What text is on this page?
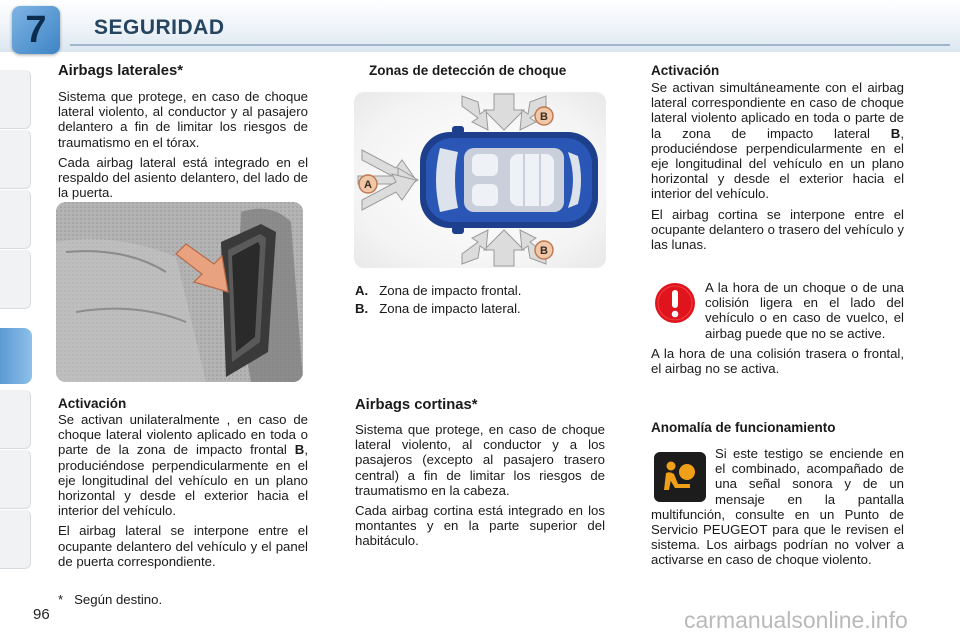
7	SEGURIDAD
96
Airbags laterales*

Sistema que protege, en caso de choque lateral violento, al conductor y al pasajero delantero a fin de limitar los riesgos de traumatismo en el tórax.

Cada airbag lateral está integrado en el respaldo del asiento delantero, del lado de la puerta.

Activación

Se activan unilateralmente , en caso de choque lateral violento aplicado en toda o parte de la zona de impacto frontal B, produciéndose perpendicularmente en el eje longitudinal del vehículo en un plano horizontal y desde el exterior hacia el interior del vehículo.

El airbag lateral se interpone entre el ocupante delantero del vehículo y el panel de puerta correspondiente.

* Según destino.
Zonas de detección de choque
A
B
B
A. Zona de impacto frontal.
B. Zona de impacto lateral.
Airbags cortinas*

Sistema que protege, en caso de choque lateral violento, al conductor y a los pasajeros (excepto al pasajero trasero central) a fin de limitar los riesgos de traumatismo en la cabeza.

Cada airbag cortina está integrado en los montantes y en la parte superior del habitáculo.

Activación

Se activan simultáneamente con el airbag lateral correspondiente en caso de choque lateral violento aplicado en toda o parte de la zona de impacto lateral B, produciéndose perpendicularmente en el eje longitudinal del vehículo en un plano horizontal y desde el exterior hacia el interior del vehículo.

El airbag cortina se interpone entre el ocupante delantero o trasero del vehículo y las lunas.

A la hora de un choque o de una colisión ligera en el lado del vehículo o en caso de vuelco, el airbag puede que no se active.

A la hora de una colisión trasera o frontal, el airbag no se activa.

Anomalía de funcionamiento

Si este testigo se enciende en el combinado, acompañado de una señal sonora y de un mensaje en la pantalla multifunción, consulte en un Punto de Servicio PEUGEOT para que le revisen el sistema. Los airbags podrían no volver a activarse en caso de choque violento.

carmanualsonline.info
